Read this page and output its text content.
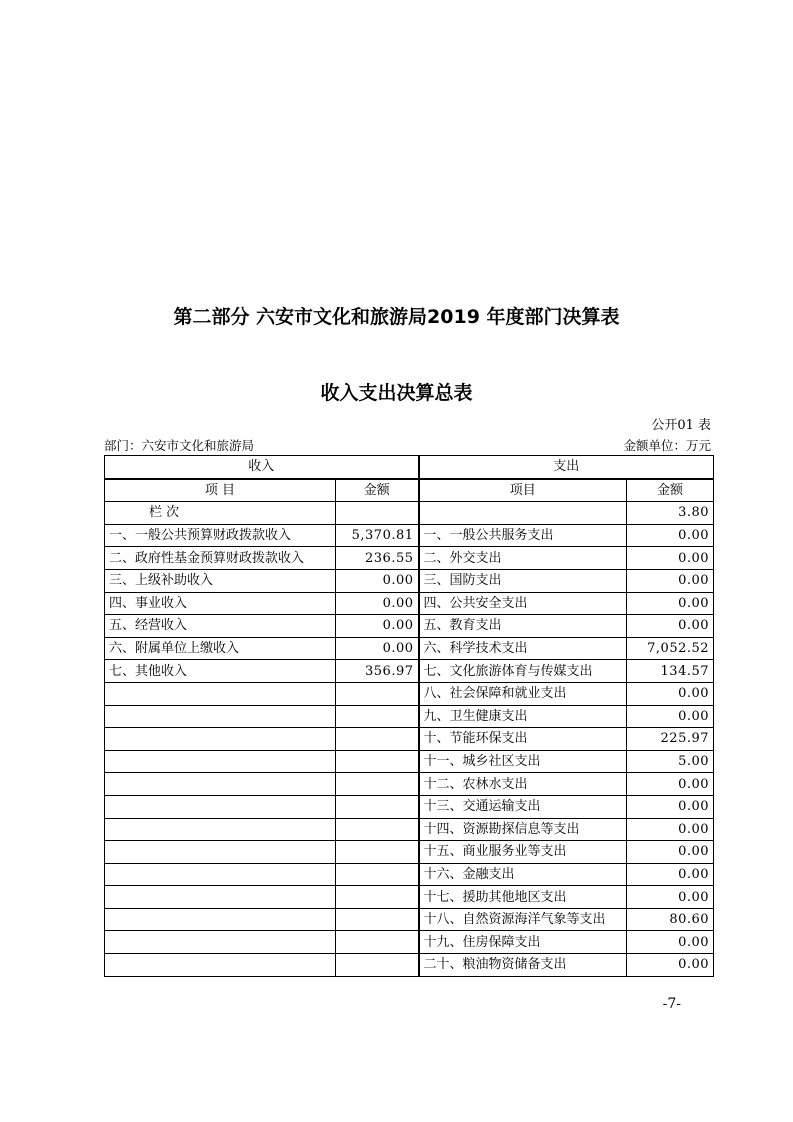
第二部分 六安市文化和旅游局2019 年度部门决算表
收入支出决算总表
公开01 表
部门：六安市文化和旅游局	金额单位：万元
收入		支出	
项 目	金额	项目	金额
栏 次			3.80
一、一般公共预算财政拨款收入	5,370.81	一、一般公共服务支出	0.00
二、政府性基金预算财政拨款收入	236.55	二、外交支出	0.00
三、上级补助收入	0.00	三、国防支出	0.00
四、事业收入	0.00	四、公共安全支出	0.00
五、经营收入	0.00	五、教育支出	0.00
六、附属单位上缴收入	0.00	六、科学技术支出	7,052.52
七、其他收入	356.97	七、文化旅游体育与传媒支出	134.57
		八、社会保障和就业支出	0.00
		九、卫生健康支出	0.00
		十、节能环保支出	225.97
		十一、城乡社区支出	5.00
		十二、农林水支出	0.00
		十三、交通运输支出	0.00
		十四、资源勘探信息等支出	0.00
		十五、商业服务业等支出	0.00
		十六、金融支出	0.00
		十七、援助其他地区支出	0.00
		十八、自然资源海洋气象等支出	80.60
		十九、住房保障支出	0.00
		二十、粮油物资储备支出	0.00
-7-
